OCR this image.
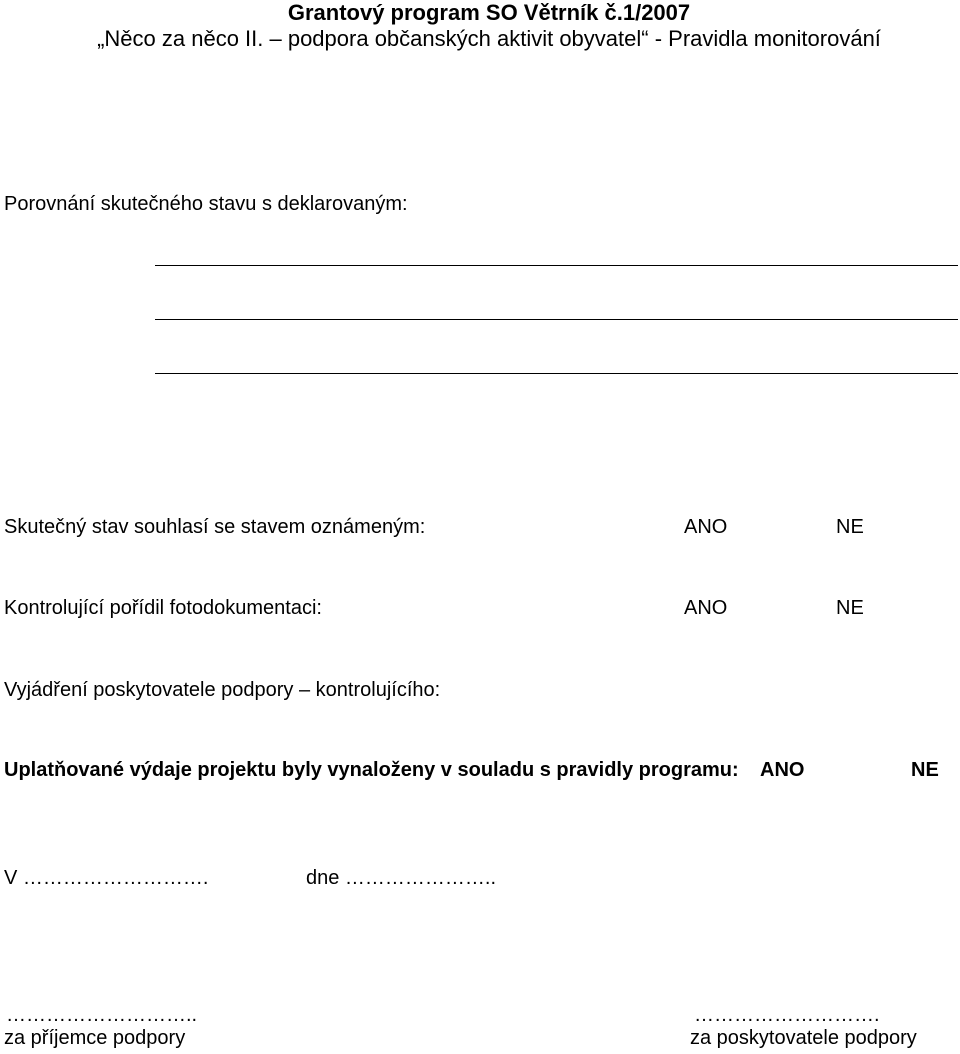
Grantový program SO Větrník č.1/2007
„Něco za něco II. – podpora občanských aktivit obyvatel“ - Pravidla monitorování
Porovnání skutečného stavu s deklarovaným:
Skutečný stav souhlasí se stavem oznámeným:	ANO	NE
Kontrolující pořídil fotodokumentaci:	ANO	NE
Vyjádření poskytovatele podpory – kontrolujícího:
Uplatňované výdaje projektu byly vynaloženy v souladu s pravidly programu: ANO	NE
V ……………………….	dne …………………..
………………………..
za příjemce podpory
……………………….
za poskytovatele podpory
